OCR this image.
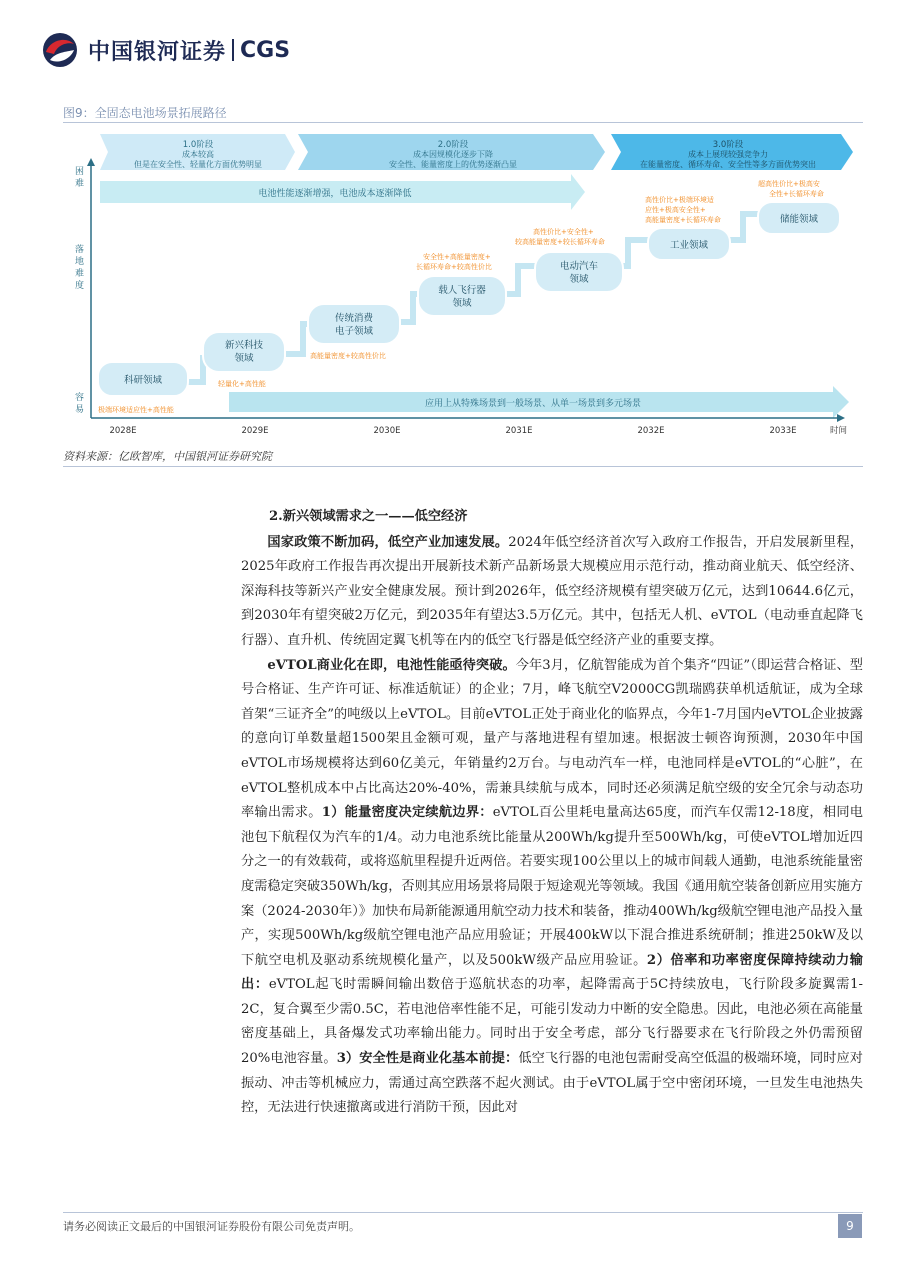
中国银河证券 CGS
图9：全固态电池场景拓展路径
1.0阶段
成本较高
但是在安全性、轻量化方面优势明显
2.0阶段
成本因规模化逐步下降
安全性、能量密度上的优势逐渐凸显
3.0阶段
成本上展现较强竞争力
在能量密度、循环寿命、安全性等多方面优势突出
困难
落地难度
容易
电池性能逐渐增强，电池成本逐渐降低
应用上从特殊场景到一般场景、从单一场景到多元场景
科研领域
极端环境适应性+高性能
新兴科技
领域
轻量化+高性能
传统消费
电子领域
高能量密度+较高性价比
载人飞行器
领域
安全性+高能量密度+
长循环寿命+较高性价比	电动汽车
领域
高性价比+安全性+
较高能量密度+较长循环寿命	工业领域
高性价比+极端环境适
应性+极高安全性+高能量密度+长循环寿命	储能领域
超高性价比+极高安
全性+长循环寿命
2028E	2029E	2030E	2031E	2032E	2033E	时间
资料来源：亿欧智库，中国银河证券研究院
2.新兴领域需求之一——低空经济

国家政策不断加码，低空产业加速发展。2024年低空经济首次写入政府工作报告，开启发展新里程，2025年政府工作报告再次提出开展新技术新产品新场景大规模应用示范行动，推动商业航天、低空经济、深海科技等新兴产业安全健康发展。预计到2026年，低空经济规模有望突破万亿元，达到10644.6亿元，到2030年有望突破2万亿元，到2035年有望达3.5万亿元。其中，包括无人机、eVTOL（电动垂直起降飞行器）、直升机、传统固定翼飞机等在内的低空飞行器是低空经济产业的重要支撑。

eVTOL商业化在即，电池性能亟待突破。今年3月，亿航智能成为首个集齐“四证”（即运营合格证、型号合格证、生产许可证、标准适航证）的企业；7月，峰飞航空V2000CG凯瑞鸥获单机适航证，成为全球首架“三证齐全”的吨级以上eVTOL。目前eVTOL正处于商业化的临界点，今年1-7月国内eVTOL企业披露的意向订单数量超1500架且金额可观，量产与落地进程有望加速。根据波士顿咨询预测，2030年中国eVTOL市场规模将达到60亿美元，年销量约2万台。与电动汽车一样，电池同样是eVTOL的“心脏”，在eVTOL整机成本中占比高达20%-40%，需兼具续航与成本，同时还必须满足航空级的安全冗余与动态功率输出需求。1）能量密度决定续航边界：eVTOL百公里耗电量高达65度，而汽车仅需12-18度，相同电池包下航程仅为汽车的1/4。动力电池系统比能量从200Wh/kg提升至500Wh/kg，可使eVTOL增加近四分之一的有效载荷，或将巡航里程提升近两倍。若要实现100公里以上的城市间载人通勤，电池系统能量密度需稳定突破350Wh/kg，否则其应用场景将局限于短途观光等领域。我国《通用航空装备创新应用实施方案（2024-2030年）》加快布局新能源通用航空动力技术和装备，推动400Wh/kg级航空锂电池产品投入量产，实现500Wh/kg级航空锂电池产品应用验证；开展400kW以下混合推进系统研制；推进250kW及以下航空电机及驱动系统规模化量产，以及500kW级产品应用验证。2）倍率和功率密度保障持续动力输出：eVTOL起飞时需瞬间输出数倍于巡航状态的功率，起降需高于5C持续放电，飞行阶段多旋翼需1-2C，复合翼至少需0.5C，若电池倍率性能不足，可能引发动力中断的安全隐患。因此，电池必须在高能量密度基础上，具备爆发式功率输出能力。同时出于安全考虑，部分飞行器要求在飞行阶段之外仍需预留20%电池容量。3）安全性是商业化基本前提：低空飞行器的电池包需耐受高空低温的极端环境，同时应对振动、冲击等机械应力，需通过高空跌落不起火测试。由于eVTOL属于空中密闭环境，一旦发生电池热失控，无法进行快速撤离或进行消防干预，因此对

请务必阅读正文最后的中国银河证券股份有限公司免责声明。	9
